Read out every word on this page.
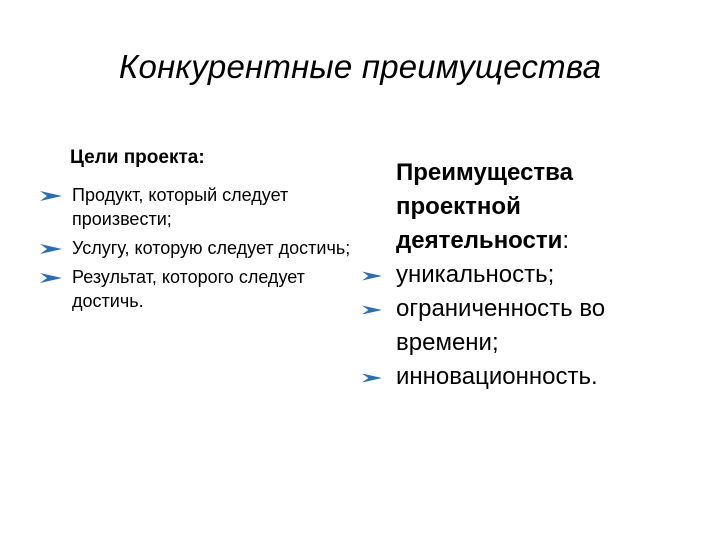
Конкурентные преимущества
Цели проекта:
Продукт, который следует произвести;
Услугу, которую следует достичь;
Результат, которого следует достичь.
Преимущества проектной деятельности:
уникальность;
ограниченность во времени;
инновационность.
